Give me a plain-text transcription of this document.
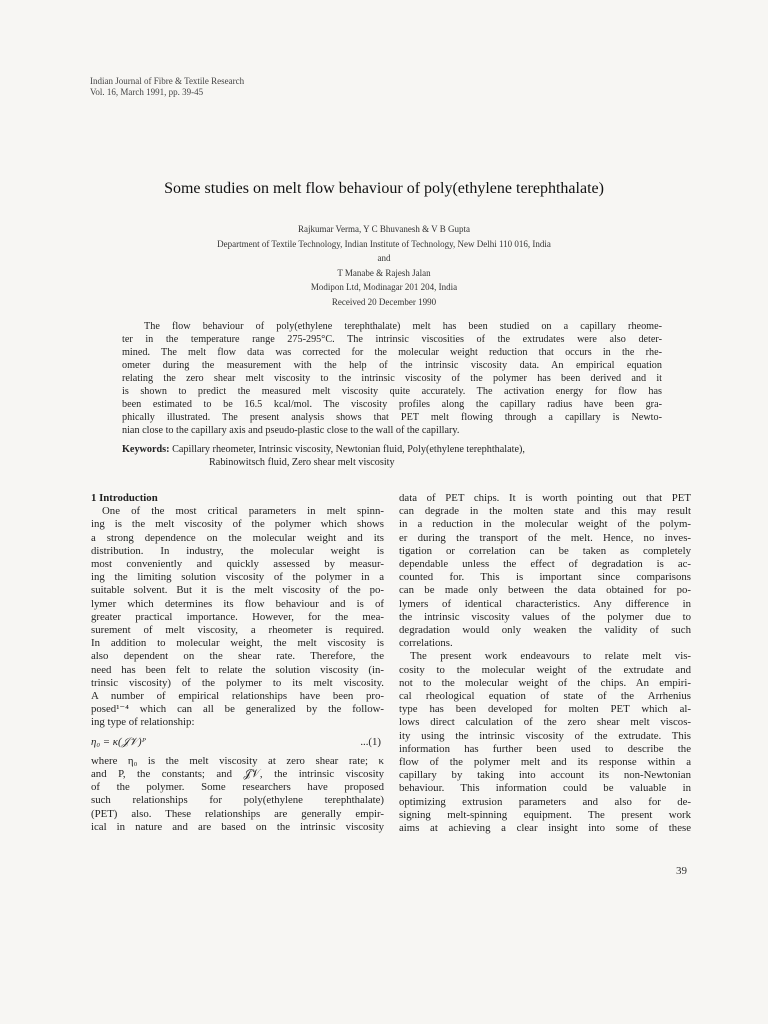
Indian Journal of Fibre & Textile Research
Vol. 16, March 1991, pp. 39-45
Some studies on melt flow behaviour of poly(ethylene terephthalate)
Rajkumar Verma, Y C Bhuvanesh & V B Gupta
Department of Textile Technology, Indian Institute of Technology, New Delhi 110 016, India
and
T Manabe & Rajesh Jalan
Modipon Ltd, Modinagar 201 204, India
Received 20 December 1990
The flow behaviour of poly(ethylene terephthalate) melt has been studied on a capillary rheome-
ter in the temperature range 275-295°C. The intrinsic viscosities of the extrudates were also deter-
mined. The melt flow data was corrected for the molecular weight reduction that occurs in the rhe-
ometer during the measurement with the help of the intrinsic viscosity data. An empirical equation
relating the zero shear melt viscosity to the intrinsic viscosity of the polymer has been derived and it
is shown to predict the measured melt viscosity quite accurately. The activation energy for flow has
been estimated to be 16.5 kcal/mol. The viscosity profiles along the capillary radius have been gra-
phically illustrated. The present analysis shows that PET melt flowing through a capillary is Newto-
nian close to the capillary axis and pseudo-plastic close to the wall of the capillary.
Keywords: Capillary rheometer, Intrinsic viscosity, Newtonian fluid, Poly(ethylene terephthalate),
Rabinowitsch fluid, Zero shear melt viscosity
1 Introduction
One of the most critical parameters in melt spinn-
ing is the melt viscosity of the polymer which shows
a strong dependence on the molecular weight and its
distribution. In industry, the molecular weight is
most conveniently and quickly assessed by measur-
ing the limiting solution viscosity of the polymer in a
suitable solvent. But it is the melt viscosity of the po-
lymer which determines its flow behaviour and is of
greater practical importance. However, for the mea-
surement of melt viscosity, a rheometer is required.
In addition to molecular weight, the melt viscosity is
also dependent on the shear rate. Therefore, the
need has been felt to relate the solution viscosity (in-
trinsic viscosity) of the polymer to its melt viscosity.
A number of empirical relationships have been pro-
posed¹⁻⁴ which can all be generalized by the follow-
ing type of relationship:
η₀ = κ(𝒥𝒱)ᴾ	...(1)
where η₀ is the melt viscosity at zero shear rate; κ
and P, the constants; and 𝒥𝒱, the intrinsic viscosity
of the polymer. Some researchers have proposed
such relationships for poly(ethylene terephthalate)
(PET) also. These relationships are generally empir-
ical in nature and are based on the intrinsic viscosity
data of PET chips. It is worth pointing out that PET
can degrade in the molten state and this may result
in a reduction in the molecular weight of the polym-
er during the transport of the melt. Hence, no inves-
tigation or correlation can be taken as completely
dependable unless the effect of degradation is ac-
counted for. This is important since comparisons
can be made only between the data obtained for po-
lymers of identical characteristics. Any difference in
the intrinsic viscosity values of the polymer due to
degradation would only weaken the validity of such
correlations.
The present work endeavours to relate melt vis-
cosity to the molecular weight of the extrudate and
not to the molecular weight of the chips. An empiri-
cal rheological equation of state of the Arrhenius
type has been developed for molten PET which al-
lows direct calculation of the zero shear melt viscos-
ity using the intrinsic viscosity of the extrudate. This
information has further been used to describe the
flow of the polymer melt and its response within a
capillary by taking into account its non-Newtonian
behaviour. This information could be valuable in
optimizing extrusion parameters and also for de-
signing melt-spinning equipment. The present work
aims at achieving a clear insight into some of these
39
